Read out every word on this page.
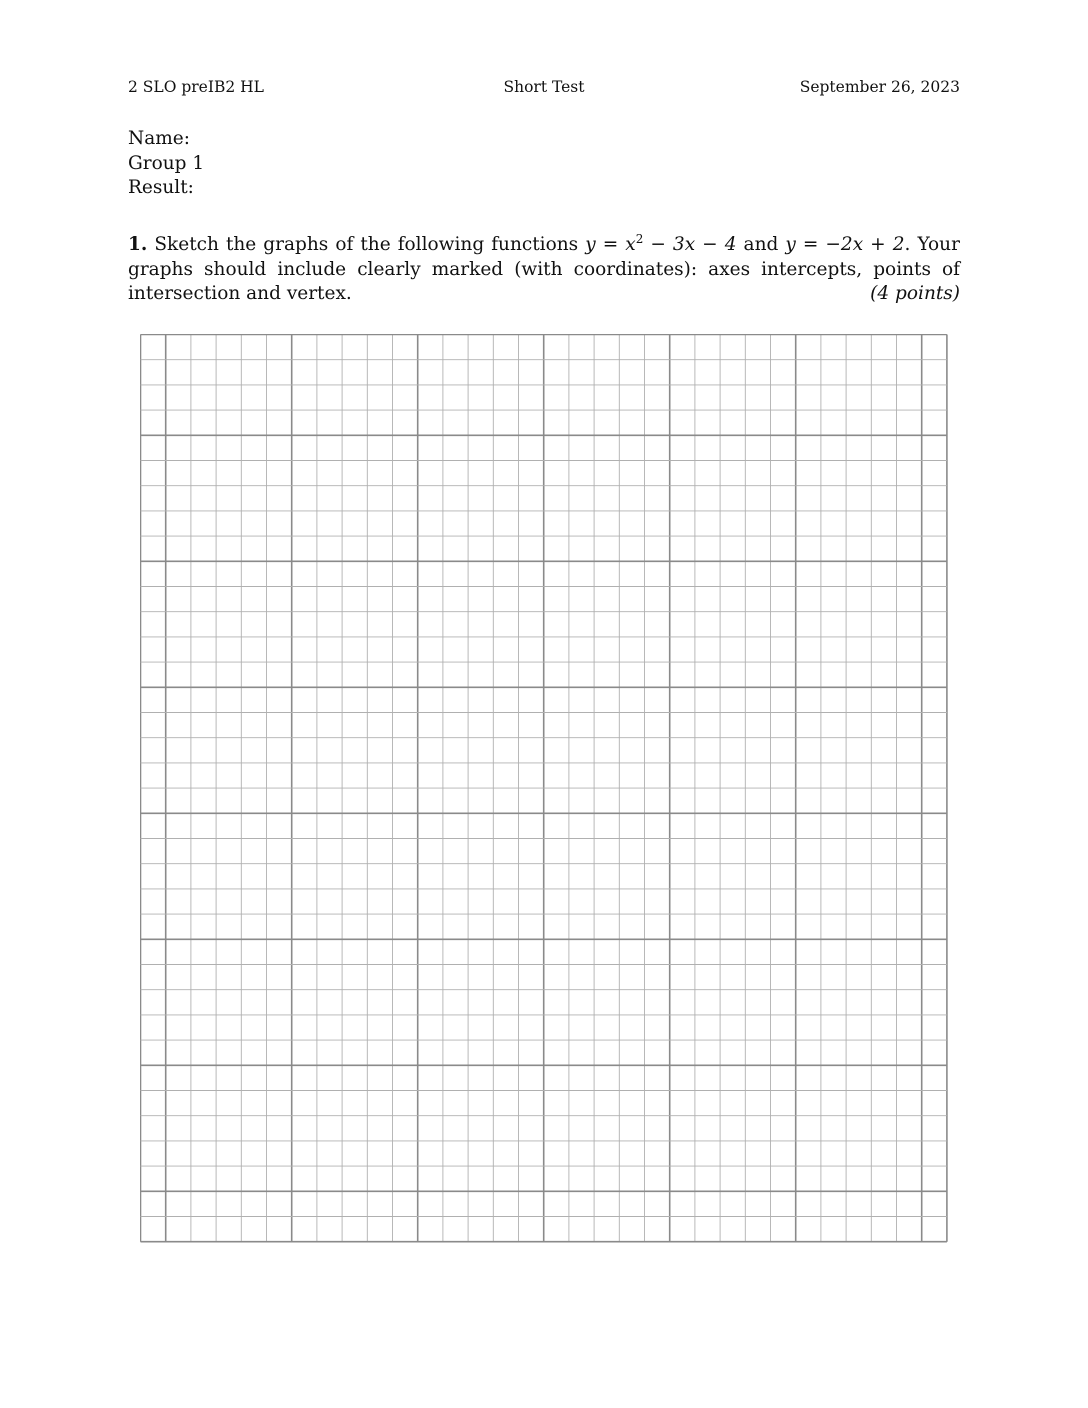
2 SLO preIB2 HL	Short Test	September 26, 2023
Name:
Group 1
Result:
1. Sketch the graphs of the following functions $y = x^2 - 3x - 4$ and y = −2x + 2. Your graphs should include clearly marked (with coordinates): axes intercepts, points of intersection and vertex.	(4 points)
